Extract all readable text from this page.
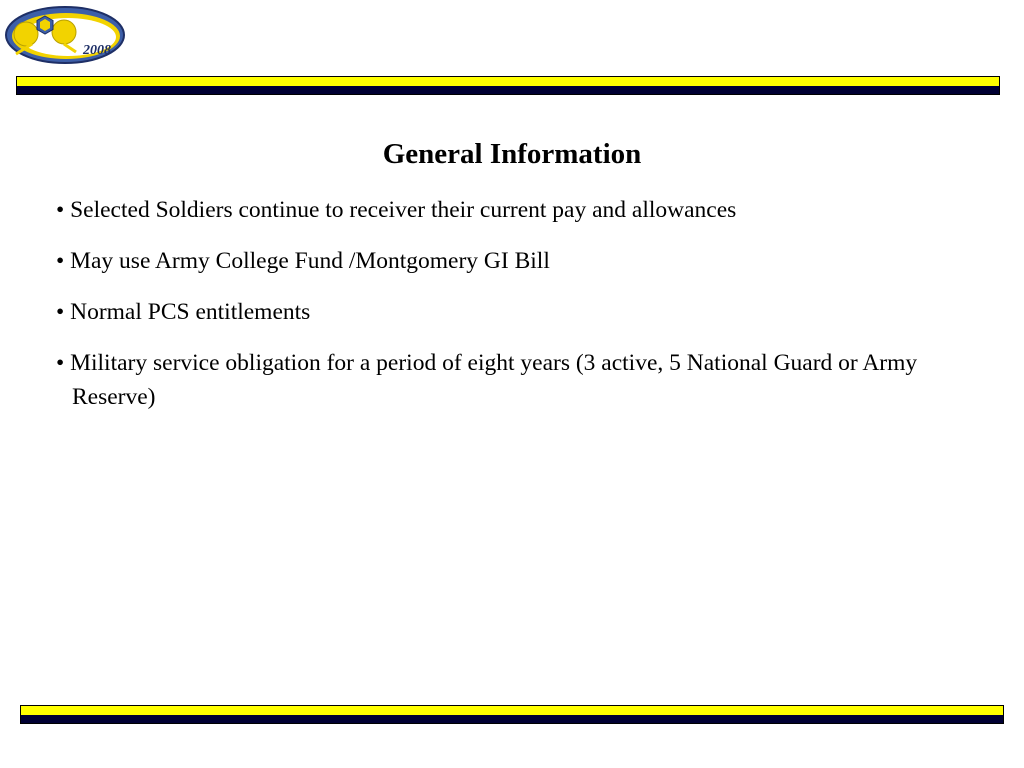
2008
General Information
• Selected Soldiers continue to receiver their current pay and allowances
• May use Army College Fund /Montgomery GI Bill
• Normal PCS entitlements
• Military service obligation for a period of eight years (3 active, 5 National Guard or Army Reserve)
